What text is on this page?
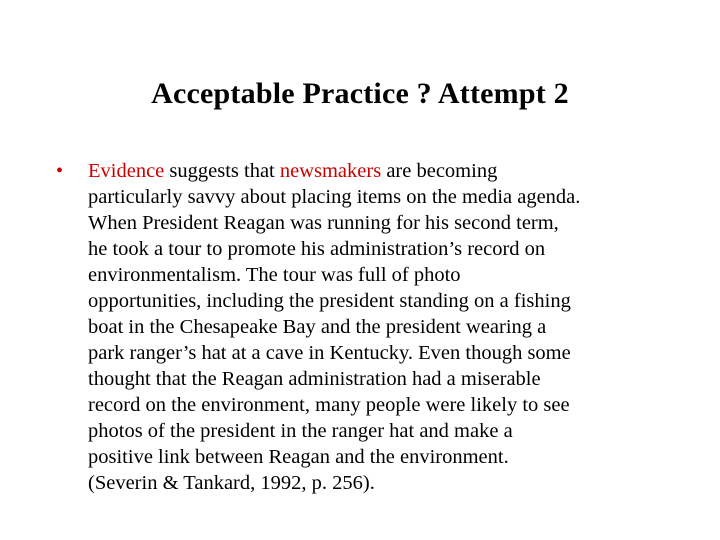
Acceptable Practice ? Attempt 2
•	Evidence suggests that newsmakers are becoming
particularly savvy about placing items on the media agenda.
When President Reagan was running for his second term,
he took a tour to promote his administration’s record on
environmentalism. The tour was full of photo
opportunities, including the president standing on a fishing
boat in the Chesapeake Bay and the president wearing a
park ranger’s hat at a cave in Kentucky. Even though some
thought that the Reagan administration had a miserable
record on the environment, many people were likely to see
photos of the president in the ranger hat and make a
positive link between Reagan and the environment.
(Severin & Tankard, 1992, p. 256).
